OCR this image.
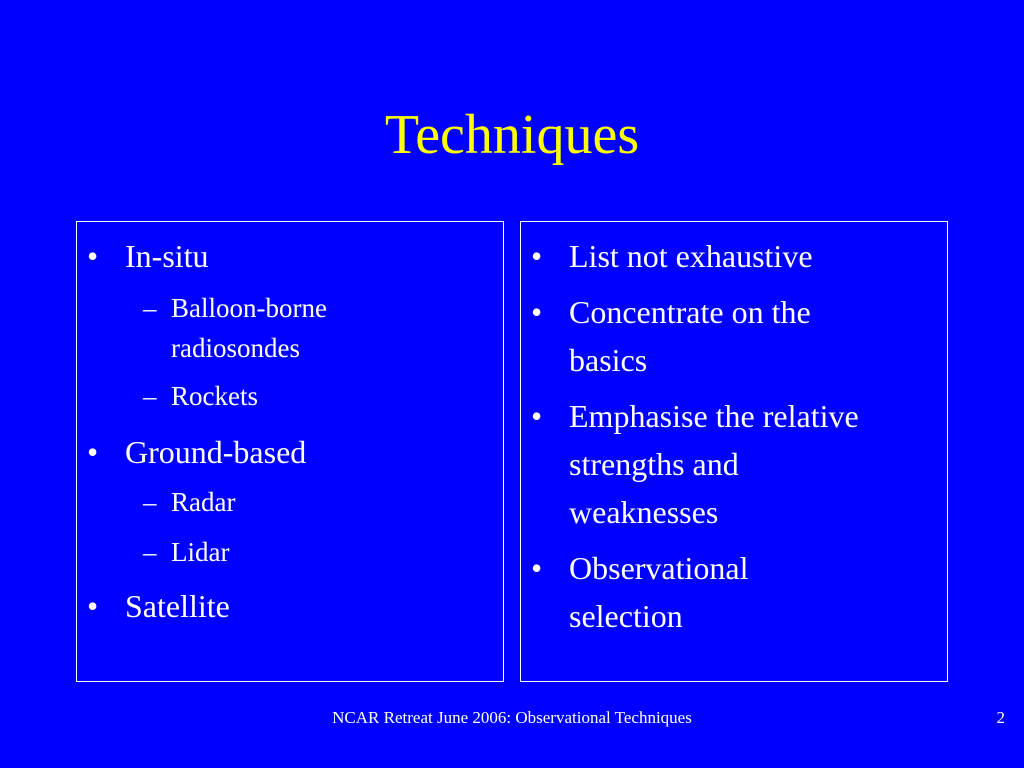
Techniques
• In-situ
– Balloon-borne
radiosondes
– Rockets
• Ground-based
– Radar
– Lidar
• Satellite
• List not exhaustive
• Concentrate on the
basics
• Emphasise the relative
strengths and
weaknesses
• Observational
selection
NCAR Retreat June 2006: Observational Techniques	2
